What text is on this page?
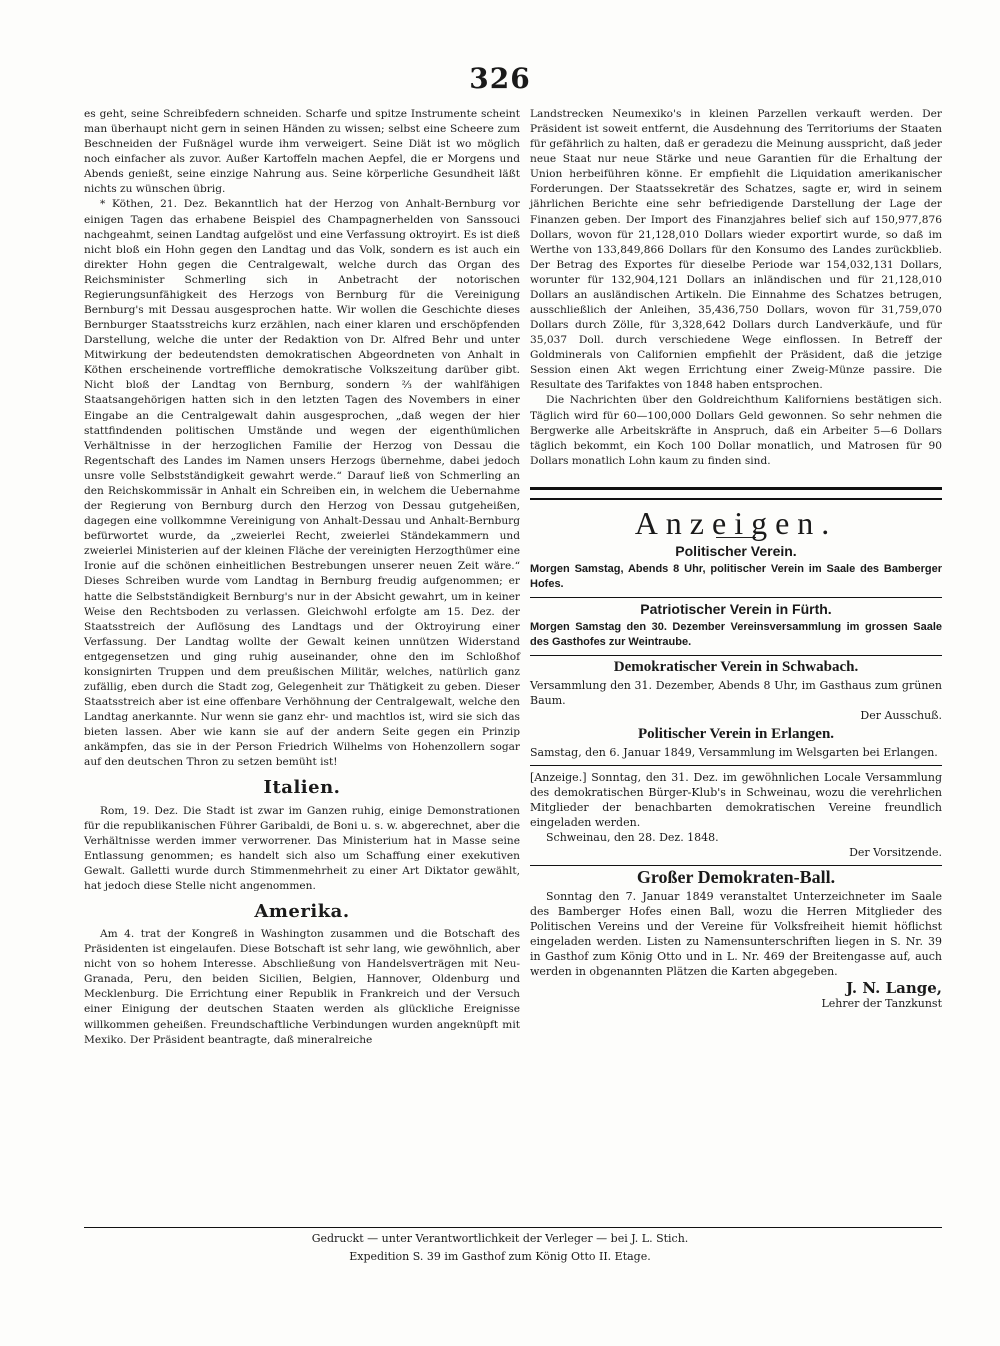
326

es geht, seine Schreibfedern schneiden. Scharfe und spitze Instrumente scheint man überhaupt nicht gern in seinen Händen zu wissen; selbst eine Scheere zum Beschneiden der Fußnägel wurde ihm verweigert. Seine Diät ist wo möglich noch einfacher als zuvor. Außer Kartoffeln machen Aepfel, die er Morgens und Abends genießt, seine einzige Nahrung aus. Seine körperliche Gesundheit läßt nichts zu wünschen übrig.

* Köthen, 21. Dez. Bekanntlich hat der Herzog von Anhalt-Bernburg vor einigen Tagen das erhabene Beispiel des Champagnerhelden von Sanssouci nachgeahmt, seinen Landtag aufgelöst und eine Verfassung oktroyirt. Es ist dieß nicht bloß ein Hohn gegen den Landtag und das Volk, sondern es ist auch ein direkter Hohn gegen die Centralgewalt, welche durch das Organ des Reichsminister Schmerling sich in Anbetracht der notorischen Regierungsunfähigkeit des Herzogs von Bernburg für die Vereinigung Bernburg's mit Dessau ausgesprochen hatte. Wir wollen die Geschichte dieses Bernburger Staatsstreichs kurz erzählen, nach einer klaren und erschöpfenden Darstellung, welche die unter der Redaktion von Dr. Alfred Behr und unter Mitwirkung der bedeutendsten demokratischen Abgeordneten von Anhalt in Köthen erscheinende vortreffliche demokratische Volkszeitung darüber gibt. Nicht bloß der Landtag von Bernburg, sondern ⅔ der wahlfähigen Staatsangehörigen hatten sich in den letzten Tagen des Novembers in einer Eingabe an die Centralgewalt dahin ausgesprochen, „daß wegen der hier stattfindenden politischen Umstände und wegen der eigenthümlichen Verhältnisse in der herzoglichen Familie der Herzog von Dessau die Regentschaft des Landes im Namen unsers Herzogs übernehme, dabei jedoch unsre volle Selbstständigkeit gewahrt werde.“ Darauf ließ von Schmerling an den Reichskommissär in Anhalt ein Schreiben ein, in welchem die Uebernahme der Regierung von Bernburg durch den Herzog von Dessau gutgeheißen, dagegen eine vollkommne Vereinigung von Anhalt-Dessau und Anhalt-Bernburg befürwortet wurde, da „zweierlei Recht, zweierlei Ständekammern und zweierlei Ministerien auf der kleinen Fläche der vereinigten Herzogthümer eine Ironie auf die schönen einheitlichen Bestrebungen unserer neuen Zeit wäre.“ Dieses Schreiben wurde vom Landtag in Bernburg freudig aufgenommen; er hatte die Selbstständigkeit Bernburg's nur in der Absicht gewahrt, um in keiner Weise den Rechtsboden zu verlassen. Gleichwohl erfolgte am 15. Dez. der Staatsstreich der Auflösung des Landtags und der Oktroyirung einer Verfassung. Der Landtag wollte der Gewalt keinen unnützen Widerstand entgegensetzen und ging ruhig auseinander, ohne den im Schloßhof konsignirten Truppen und dem preußischen Militär, welches, natürlich ganz zufällig, eben durch die Stadt zog, Gelegenheit zur Thätigkeit zu geben. Dieser Staatsstreich aber ist eine offenbare Verhöhnung der Centralgewalt, welche den Landtag anerkannte. Nur wenn sie ganz ehr- und machtlos ist, wird sie sich das bieten lassen. Aber wie kann sie auf der andern Seite gegen ein Prinzip ankämpfen, das sie in der Person Friedrich Wilhelms von Hohenzollern sogar auf den deutschen Thron zu setzen bemüht ist!

Italien.

Rom, 19. Dez. Die Stadt ist zwar im Ganzen ruhig, einige Demonstrationen für die republikanischen Führer Garibaldi, de Boni u. s. w. abgerechnet, aber die Verhältnisse werden immer verworrener. Das Ministerium hat in Masse seine Entlassung genommen; es handelt sich also um Schaffung einer exekutiven Gewalt. Galletti wurde durch Stimmenmehrheit zu einer Art Diktator gewählt, hat jedoch diese Stelle nicht angenommen.

Amerika.

Am 4. trat der Kongreß in Washington zusammen und die Botschaft des Präsidenten ist eingelaufen. Diese Botschaft ist sehr lang, wie gewöhnlich, aber nicht von so hohem Interesse. Abschließung von Handelsverträgen mit Neu-Granada, Peru, den beiden Sicilien, Belgien, Hannover, Oldenburg und Mecklenburg. Die Errichtung einer Republik in Frankreich und der Versuch einer Einigung der deutschen Staaten werden als glückliche Ereignisse willkommen geheißen. Freundschaftliche Verbindungen wurden angeknüpft mit Mexiko. Der Präsident beantragte, daß mineralreiche

Landstrecken Neumexiko's in kleinen Parzellen verkauft werden. Der Präsident ist soweit entfernt, die Ausdehnung des Territoriums der Staaten für gefährlich zu halten, daß er geradezu die Meinung ausspricht, daß jeder neue Staat nur neue Stärke und neue Garantien für die Erhaltung der Union herbeiführen könne. Er empfiehlt die Liquidation amerikanischer Forderungen. Der Staatssekretär des Schatzes, sagte er, wird in seinem jährlichen Berichte eine sehr befriedigende Darstellung der Lage der Finanzen geben. Der Import des Finanzjahres belief sich auf 150,977,876 Dollars, wovon für 21,128,010 Dollars wieder exportirt wurde, so daß im Werthe von 133,849,866 Dollars für den Konsumo des Landes zurückblieb. Der Betrag des Exportes für dieselbe Periode war 154,032,131 Dollars, worunter für 132,904,121 Dollars an inländischen und für 21,128,010 Dollars an ausländischen Artikeln. Die Einnahme des Schatzes betrugen, ausschließlich der Anleihen, 35,436,750 Dollars, wovon für 31,759,070 Dollars durch Zölle, für 3,328,642 Dollars durch Landverkäufe, und für 35,037 Doll. durch verschiedene Wege einflossen. In Betreff der Goldminerals von Californien empfiehlt der Präsident, daß die jetzige Session einen Akt wegen Errichtung einer Zweig-Münze passire. Die Resultate des Tarifaktes von 1848 haben entsprochen.

Die Nachrichten über den Goldreichthum Kaliforniens bestätigen sich. Täglich wird für 60—100,000 Dollars Geld gewonnen. So sehr nehmen die Bergwerke alle Arbeitskräfte in Anspruch, daß ein Arbeiter 5—6 Dollars täglich bekommt, ein Koch 100 Dollar monatlich, und Matrosen für 90 Dollars monatlich Lohn kaum zu finden sind.

Anzeigen.
Politischer Verein.
Morgen Samstag, Abends 8 Uhr, politischer Verein im Saale des Bamberger Hofes.
Patriotischer Verein in Fürth.
Morgen Samstag den 30. Dezember Vereinsversammlung im grossen Saale des Gasthofes zur Weintraube.
Demokratischer Verein in Schwabach.
Versammlung den 31. Dezember, Abends 8 Uhr, im Gasthaus zum grünen Baum.
Der Ausschuß.
Politischer Verein in Erlangen.
Samstag, den 6. Januar 1849, Versammlung im Welsgarten bei Erlangen.
[Anzeige.] Sonntag, den 31. Dez. im gewöhnlichen Locale Versammlung des demokratischen Bürger-Klub's in Schweinau, wozu die verehrlichen Mitglieder der benachbarten demokratischen Vereine freundlich eingeladen werden.
Schweinau, den 28. Dez. 1848.
Der Vorsitzende.
Großer Demokraten-Ball.
Sonntag den 7. Januar 1849 veranstaltet Unterzeichneter im Saale des Bamberger Hofes einen Ball, wozu die Herren Mitglieder des Politischen Vereins und der Vereine für Volksfreiheit hiemit höflichst eingeladen werden. Listen zu Namensunterschriften liegen in S. Nr. 39 in Gasthof zum König Otto und in L. Nr. 469 der Breitengasse auf, auch werden in obgenannten Plätzen die Karten abgegeben.
J. N. Lange,
Lehrer der Tanzkunst
Gedruckt — unter Verantwortlichkeit der Verleger — bei J. L. Stich.
Expedition S. 39 im Gasthof zum König Otto II. Etage.
